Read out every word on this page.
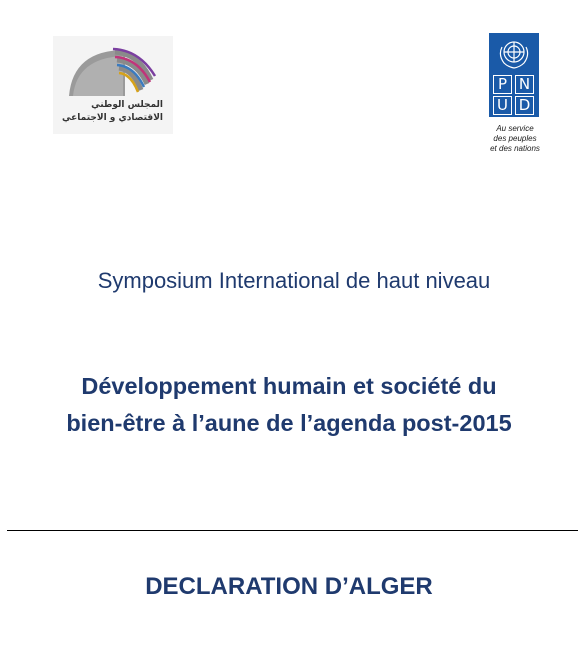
المجلس الوطني
الاقتصادي و الاجتماعي
P N
U D
Au service
des peuples
et des nations
Symposium International de haut niveau
Développement humain et société du
bien-être à l’aune de l’agenda post-2015
DECLARATION D’ALGER
